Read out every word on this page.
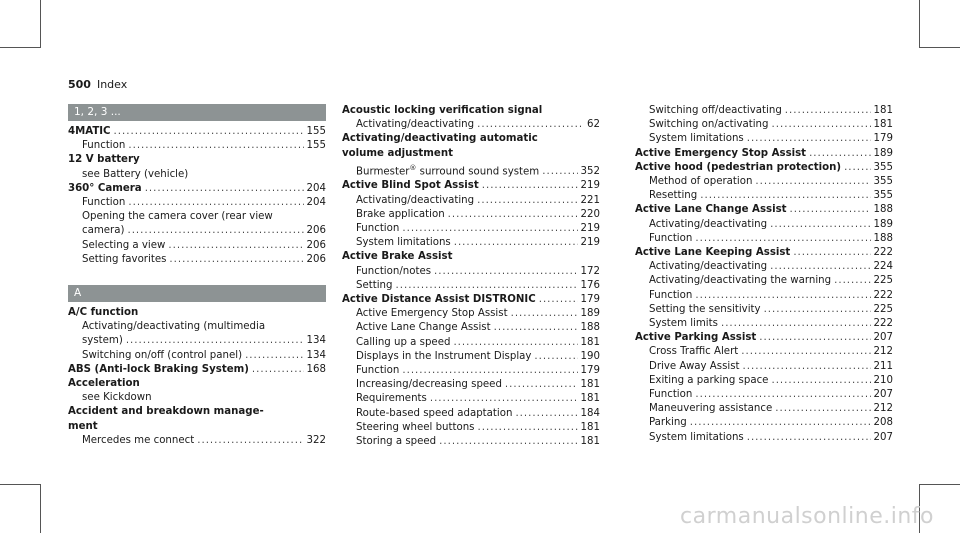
500 Index
1, 2, 3 ...
4MATIC .....	155
Function .....	155
12 V battery
see Battery (vehicle)
360° Camera .....	204
Function .....	204
Opening the camera cover (rear view
camera) .....	206
Selecting a view .....	206
Setting favorites .....	206
A
A/C function
Activating/deactivating (multimedia
system) .....	134
Switching on/off (control panel) .....	134
ABS (Anti-lock Braking System) .....	168
Acceleration
see Kickdown
Accident and breakdown manage-
ment
Mercedes me connect .....	322
Acoustic locking verification signal
Activating/deactivating .....	62
Activating/deactivating automatic
volume adjustment
Burmester® surround sound system .....	352
Active Blind Spot Assist .....	219
Activating/deactivating .....	221
Brake application .....	220
Function .....	219
System limitations .....	219
Active Brake Assist
Function/notes .....	172
Setting .....	176
Active Distance Assist DISTRONIC .....	179
Active Emergency Stop Assist .....	189
Active Lane Change Assist .....	188
Calling up a speed .....	181
Displays in the Instrument Display .....	190
Function .....	179
Increasing/decreasing speed .....	181
Requirements .....	181
Route-based speed adaptation .....	184
Steering wheel buttons .....	181
Storing a speed .....	181
Switching off/deactivating .....	181
Switching on/activating .....	181
System limitations .....	179
Active Emergency Stop Assist .....	189
Active hood (pedestrian protection) .....	355
Method of operation .....	355
Resetting .....	355
Active Lane Change Assist .....	188
Activating/deactivating .....	189
Function .....	188
Active Lane Keeping Assist .....	222
Activating/deactivating .....	224
Activating/deactivating the warning .....	225
Function .....	222
Setting the sensitivity .....	225
System limits .....	222
Active Parking Assist .....	207
Cross Traffic Alert .....	212
Drive Away Assist .....	211
Exiting a parking space .....	210
Function .....	207
Maneuvering assistance .....	212
Parking .....	208
System limitations .....	207
carmanualsonline.info
